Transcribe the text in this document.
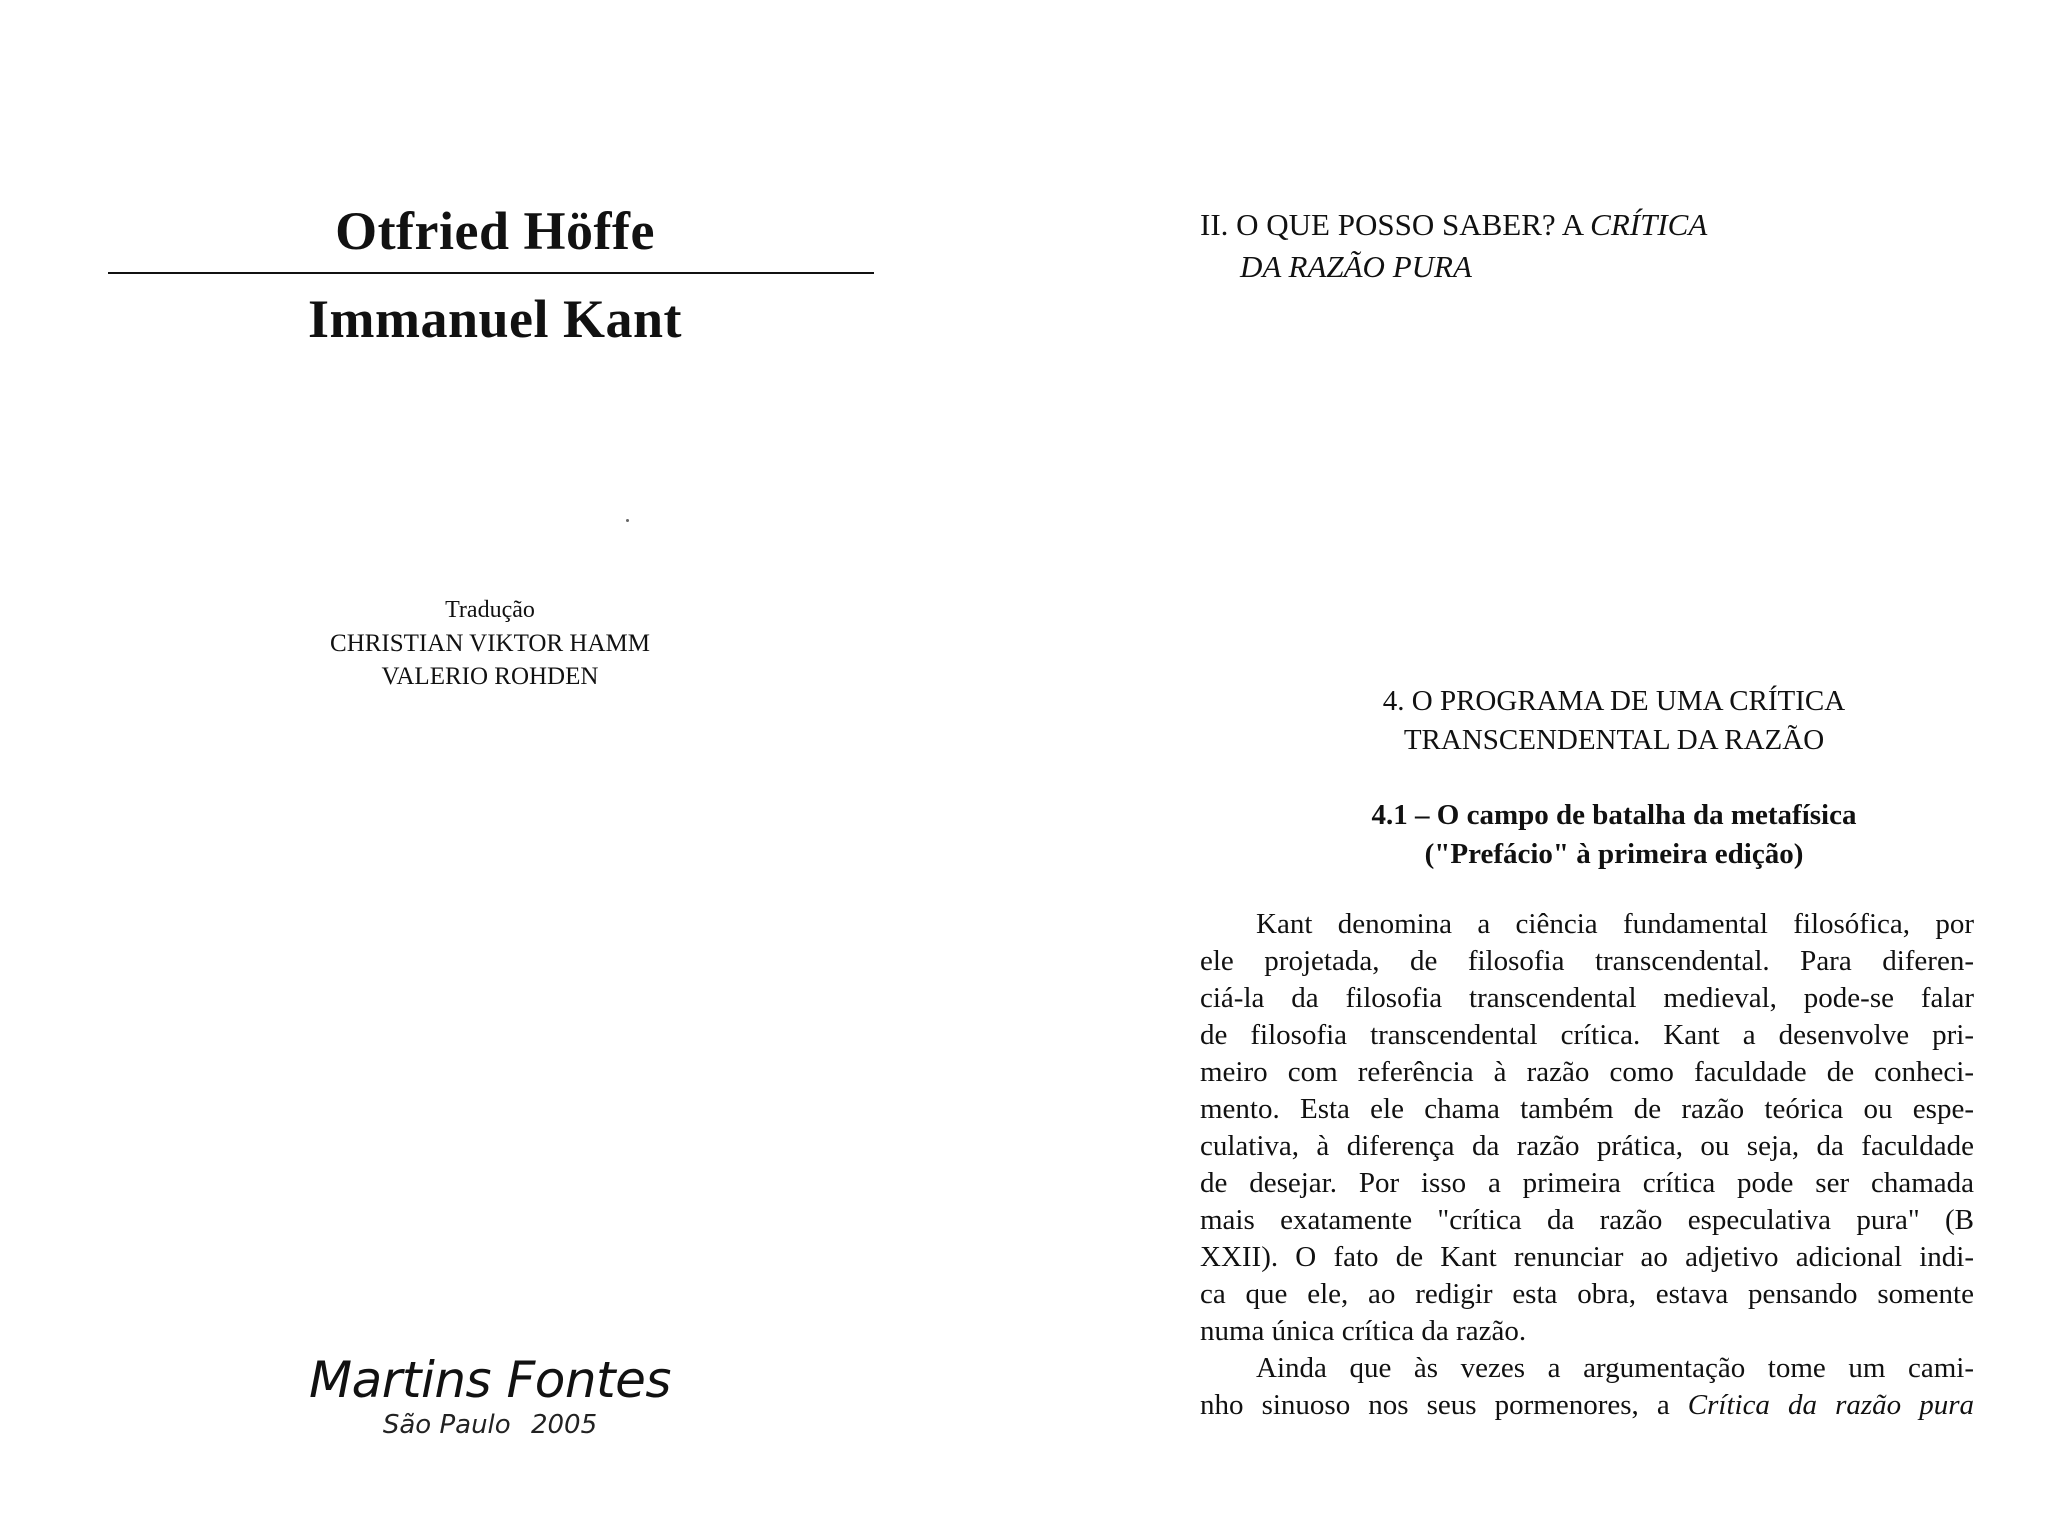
Otfried Höffe
Immanuel Kant
Tradução
CHRISTIAN VIKTOR HAMM
VALERIO ROHDEN
Martins Fontes
São Paulo 2005
II. O QUE POSSO SABER? A CRÍTICA
DA RAZÃO PURA
4. O PROGRAMA DE UMA CRÍTICA
TRANSCENDENTAL DA RAZÃO
4.1 – O campo de batalha da metafísica
("Prefácio" à primeira edição)
Kant denomina a ciência fundamental filosófica, por
ele projetada, de filosofia transcendental. Para diferen-
ciá-la da filosofia transcendental medieval, pode-se falar
de filosofia transcendental crítica. Kant a desenvolve pri-
meiro com referência à razão como faculdade de conheci-
mento. Esta ele chama também de razão teórica ou espe-
culativa, à diferença da razão prática, ou seja, da faculdade
de desejar. Por isso a primeira crítica pode ser chamada
mais exatamente "crítica da razão especulativa pura" (B
XXII). O fato de Kant renunciar ao adjetivo adicional indi-
ca que ele, ao redigir esta obra, estava pensando somente
numa única crítica da razão.
Ainda que às vezes a argumentação tome um cami-
nho sinuoso nos seus pormenores, a Crítica da razão pura
